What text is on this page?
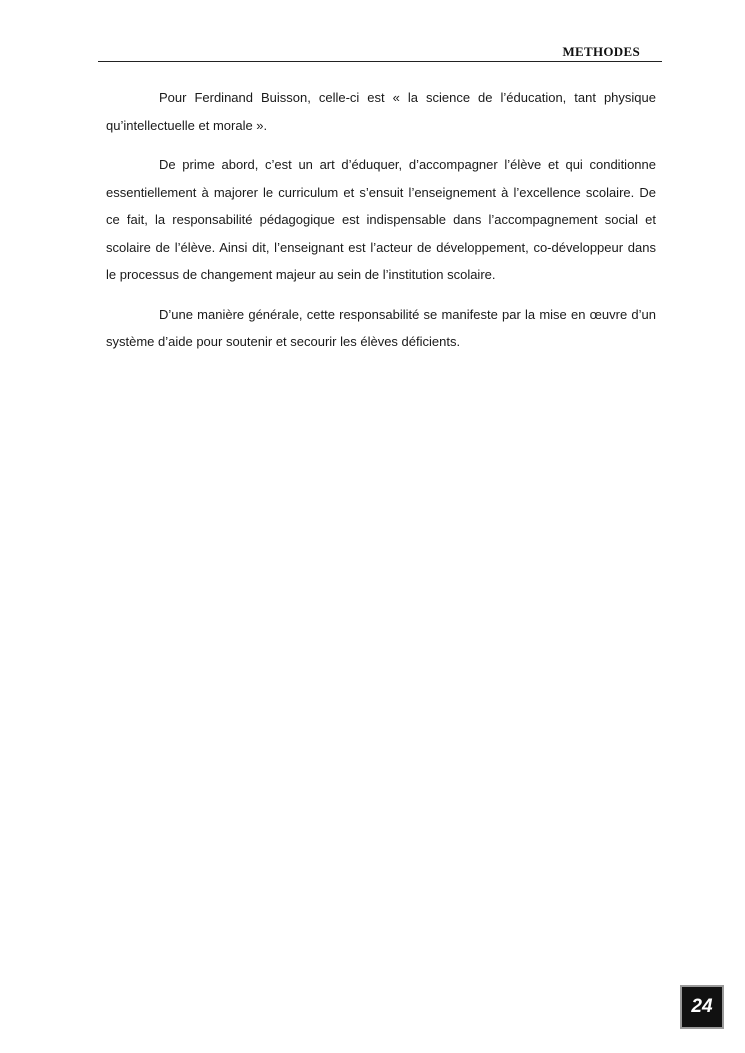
METHODES

Pour Ferdinand Buisson, celle-ci est « la science de l’éducation, tant physique qu’intellectuelle et morale ».

De prime abord, c’est un art d’éduquer, d’accompagner l’élève et qui conditionne essentiellement à majorer le curriculum et s’ensuit l’enseignement à l’excellence scolaire. De ce fait, la responsabilité pédagogique est indispensable dans l’accompagnement social et scolaire de l’élève. Ainsi dit, l’enseignant est l’acteur de développement, co-développeur dans le processus de changement majeur au sein de l’institution scolaire.

D’une manière générale, cette responsabilité se manifeste par la mise en œuvre d’un système d’aide pour soutenir et secourir les élèves déficients.

24
